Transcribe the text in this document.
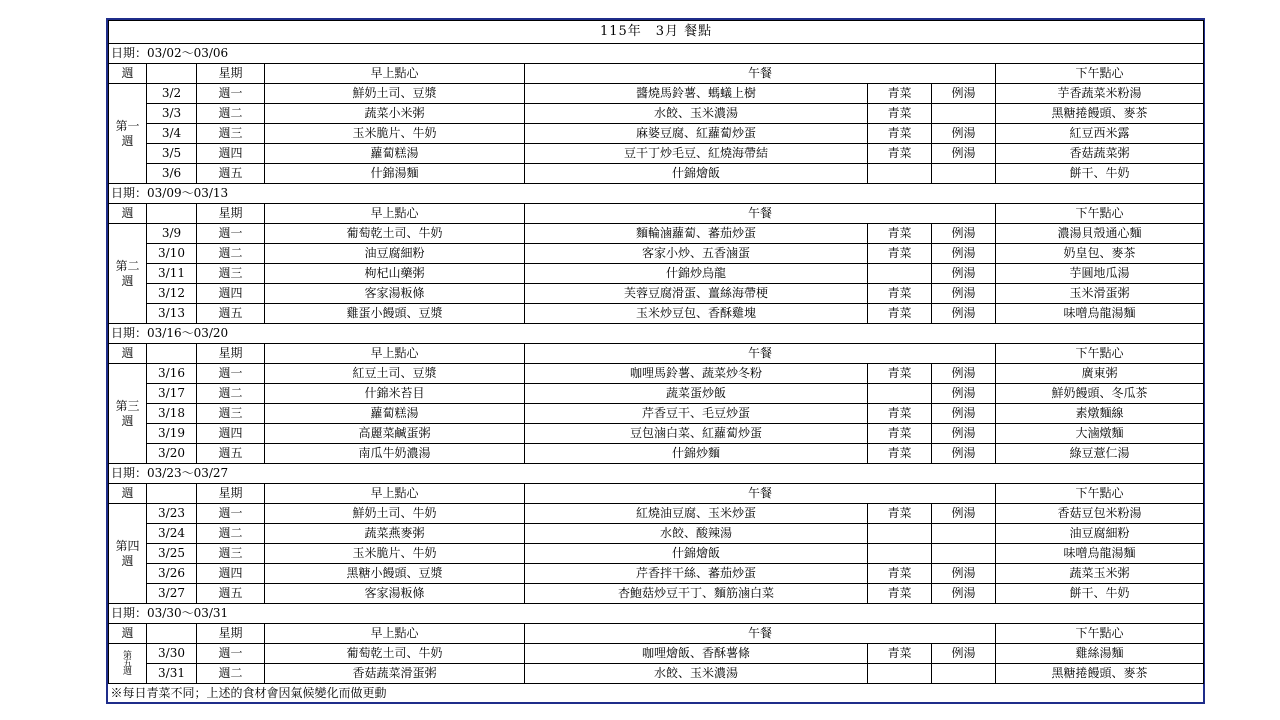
115年　3月 餐點							
日期：03/02～03/06							
週		星期	早上點心	午餐			下午點心
第一
週	3/2	週一	鮮奶土司、豆漿	醬燒馬鈴薯、螞蟻上樹	青菜	例湯	芋香蔬菜米粉湯
	3/3	週二	蔬菜小米粥	水餃、玉米濃湯	青菜		黑糖捲饅頭、麥茶
	3/4	週三	玉米脆片、牛奶	麻婆豆腐、紅蘿蔔炒蛋	青菜	例湯	紅豆西米露
	3/5	週四	蘿蔔糕湯	豆干丁炒毛豆、紅燒海帶結	青菜	例湯	香菇蔬菜粥
	3/6	週五	什錦湯麵	什錦燴飯			餅干、牛奶
日期：03/09～03/13							
週		星期	早上點心	午餐			下午點心
第二
週	3/9	週一	葡萄乾土司、牛奶	麵輪滷蘿蔔、蕃茄炒蛋	青菜	例湯	濃湯貝殼通心麵
	3/10	週二	油豆腐細粉	客家小炒、五香滷蛋	青菜	例湯	奶皇包、麥茶
	3/11	週三	枸杞山藥粥	什錦炒烏龍		例湯	芋圓地瓜湯
	3/12	週四	客家湯粄條	芙蓉豆腐滑蛋、薑絲海帶梗	青菜	例湯	玉米滑蛋粥
	3/13	週五	雞蛋小饅頭、豆漿	玉米炒豆包、香酥雞塊	青菜	例湯	味噌烏龍湯麵
日期：03/16～03/20							
週		星期	早上點心	午餐			下午點心
第三
週	3/16	週一	紅豆土司、豆漿	咖哩馬鈴薯、蔬菜炒冬粉	青菜	例湯	廣東粥
	3/17	週二	什錦米苔目	蔬菜蛋炒飯		例湯	鮮奶饅頭、冬瓜茶
	3/18	週三	蘿蔔糕湯	芹香豆干、毛豆炒蛋	青菜	例湯	素燉麵線
	3/19	週四	高麗菜鹹蛋粥	豆包滷白菜、紅蘿蔔炒蛋	青菜	例湯	大滷燉麵
	3/20	週五	南瓜牛奶濃湯	什錦炒麵	青菜	例湯	綠豆薏仁湯
日期：03/23～03/27							
週		星期	早上點心	午餐			下午點心
第四
週	3/23	週一	鮮奶土司、牛奶	紅燒油豆腐、玉米炒蛋	青菜	例湯	香菇豆包米粉湯
	3/24	週二	蔬菜燕麥粥	水餃、酸辣湯			油豆腐細粉
	3/25	週三	玉米脆片、牛奶	什錦燴飯			味噌烏龍湯麵
	3/26	週四	黑糖小饅頭、豆漿	芹香拌干絲、蕃茄炒蛋	青菜	例湯	蔬菜玉米粥
	3/27	週五	客家湯粄條	杏鮑菇炒豆干丁、麵筋滷白菜	青菜	例湯	餅干、牛奶
日期：03/30～03/31							
週		星期	早上點心	午餐			下午點心
第
五
週	3/30	週一	葡萄乾土司、牛奶	咖哩燴飯、香酥薯條	青菜	例湯	雞絲湯麵
	3/31	週二	香菇蔬菜滑蛋粥	水餃、玉米濃湯			黑糖捲饅頭、麥茶
※每日青菜不同；上述的食材會因氣候變化而做更動							
